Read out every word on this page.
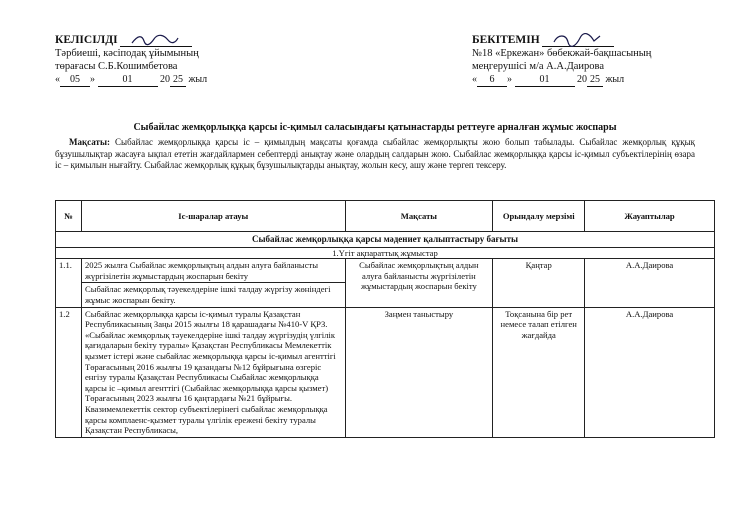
КЕЛІСІЛДІ
Тәрбиеші, кәсіподақ ұйымының
төрағасы С.Б.Кошимбетова
« 05 »	01	20 25 жыл
БЕКІТЕМІН
№18 «Еркежан» бөбекжай-бақшасының
меңгерушісі м/а А.А.Даирова
« 6 »	01	20 25 жыл
Сыбайлас жемқорлыққа қарсы іс-қимыл саласындағы қатынастарды реттеуге арналған жұмыс жоспары
Мақсаты: Сыбайлас жемқорлыққа қарсы іс – қимылдың мақсаты қоғамда сыбайлас жемқорлықты жою болып табылады. Сыбайлас жемқорлық құқық бұзушылықтар жасауға ықпал ететін жағдайлармен себептерді анықтау және олардың салдарын жою. Сыбайлас жемқорлыққа қарсы іс-қимыл субъектілерінің өзара іс – қимылын нығайту. Сыбайлас жемқорлық құқық бұзушылықтарды анықтау, жолын кесу, ашу және тергеп тексеру.
№	Іс-шаралар атауы	Мақсаты	Орындалу мерзімі	Жауаптылар
Сыбайлас жемқорлыққа қарсы мәдениет қалыптастыру бағыты				
1.Үгіт ақпараттық жұмыстар				
1.1.	2025 жылға Сыбайлас жемқорлықтың алдын алуға байланысты жүргізілетін жұмыстардың жоспарын бекіту	Сыбайлас жемқорлықтың алдын алуға байланысты жүргізілетін жұмыстардың жоспарын бекіту	Қаңтар	А.А.Даирова
	Сыбайлас жемқорлық тәуекелдеріне ішкі талдау жүргізу жөніндегі жұмыс жоспарын бекіту.			
1.2	Сыбайлас жемқорлыққа қарсы іс-қимыл туралы Қазақстан Республикасының Заңы 2015 жылғы 18 қарашадағы №410-V ҚРЗ. «Сыбайлас жемқорлық тәуекелдеріне ішкі талдау жүргізудің үлгілік қағидаларын бекіту туралы» Қазақстан Республикасы Мемлекеттік қызмет істері және сыбайлас жемқорлыққа қарсы іс-қимыл агенттігі Төрағасының 2016 жылғы 19 қазандағы №12 бұйрығына өзгеріс енгізу туралы Қазақстан Республикасы Сыбайлас жемқорлыққа қарсы іс –қимыл агенттігі (Сыбайлас жемқорлыққа қарсы қызмет) Төрағасының 2023 жылғы 16 қаңтардағы №21 бұйрығы. Квазимемлекеттік сектор субъектілерінегі сыбайлас жемқорлыққа қарсы комплаенс-қызмет туралы үлгілік ережені бекіту туралы Қазақстан Республикасы,	Заңмен таныстыру	Тоқсанына бір рет немесе талап етілген жағдайда	А.А.Даирова
